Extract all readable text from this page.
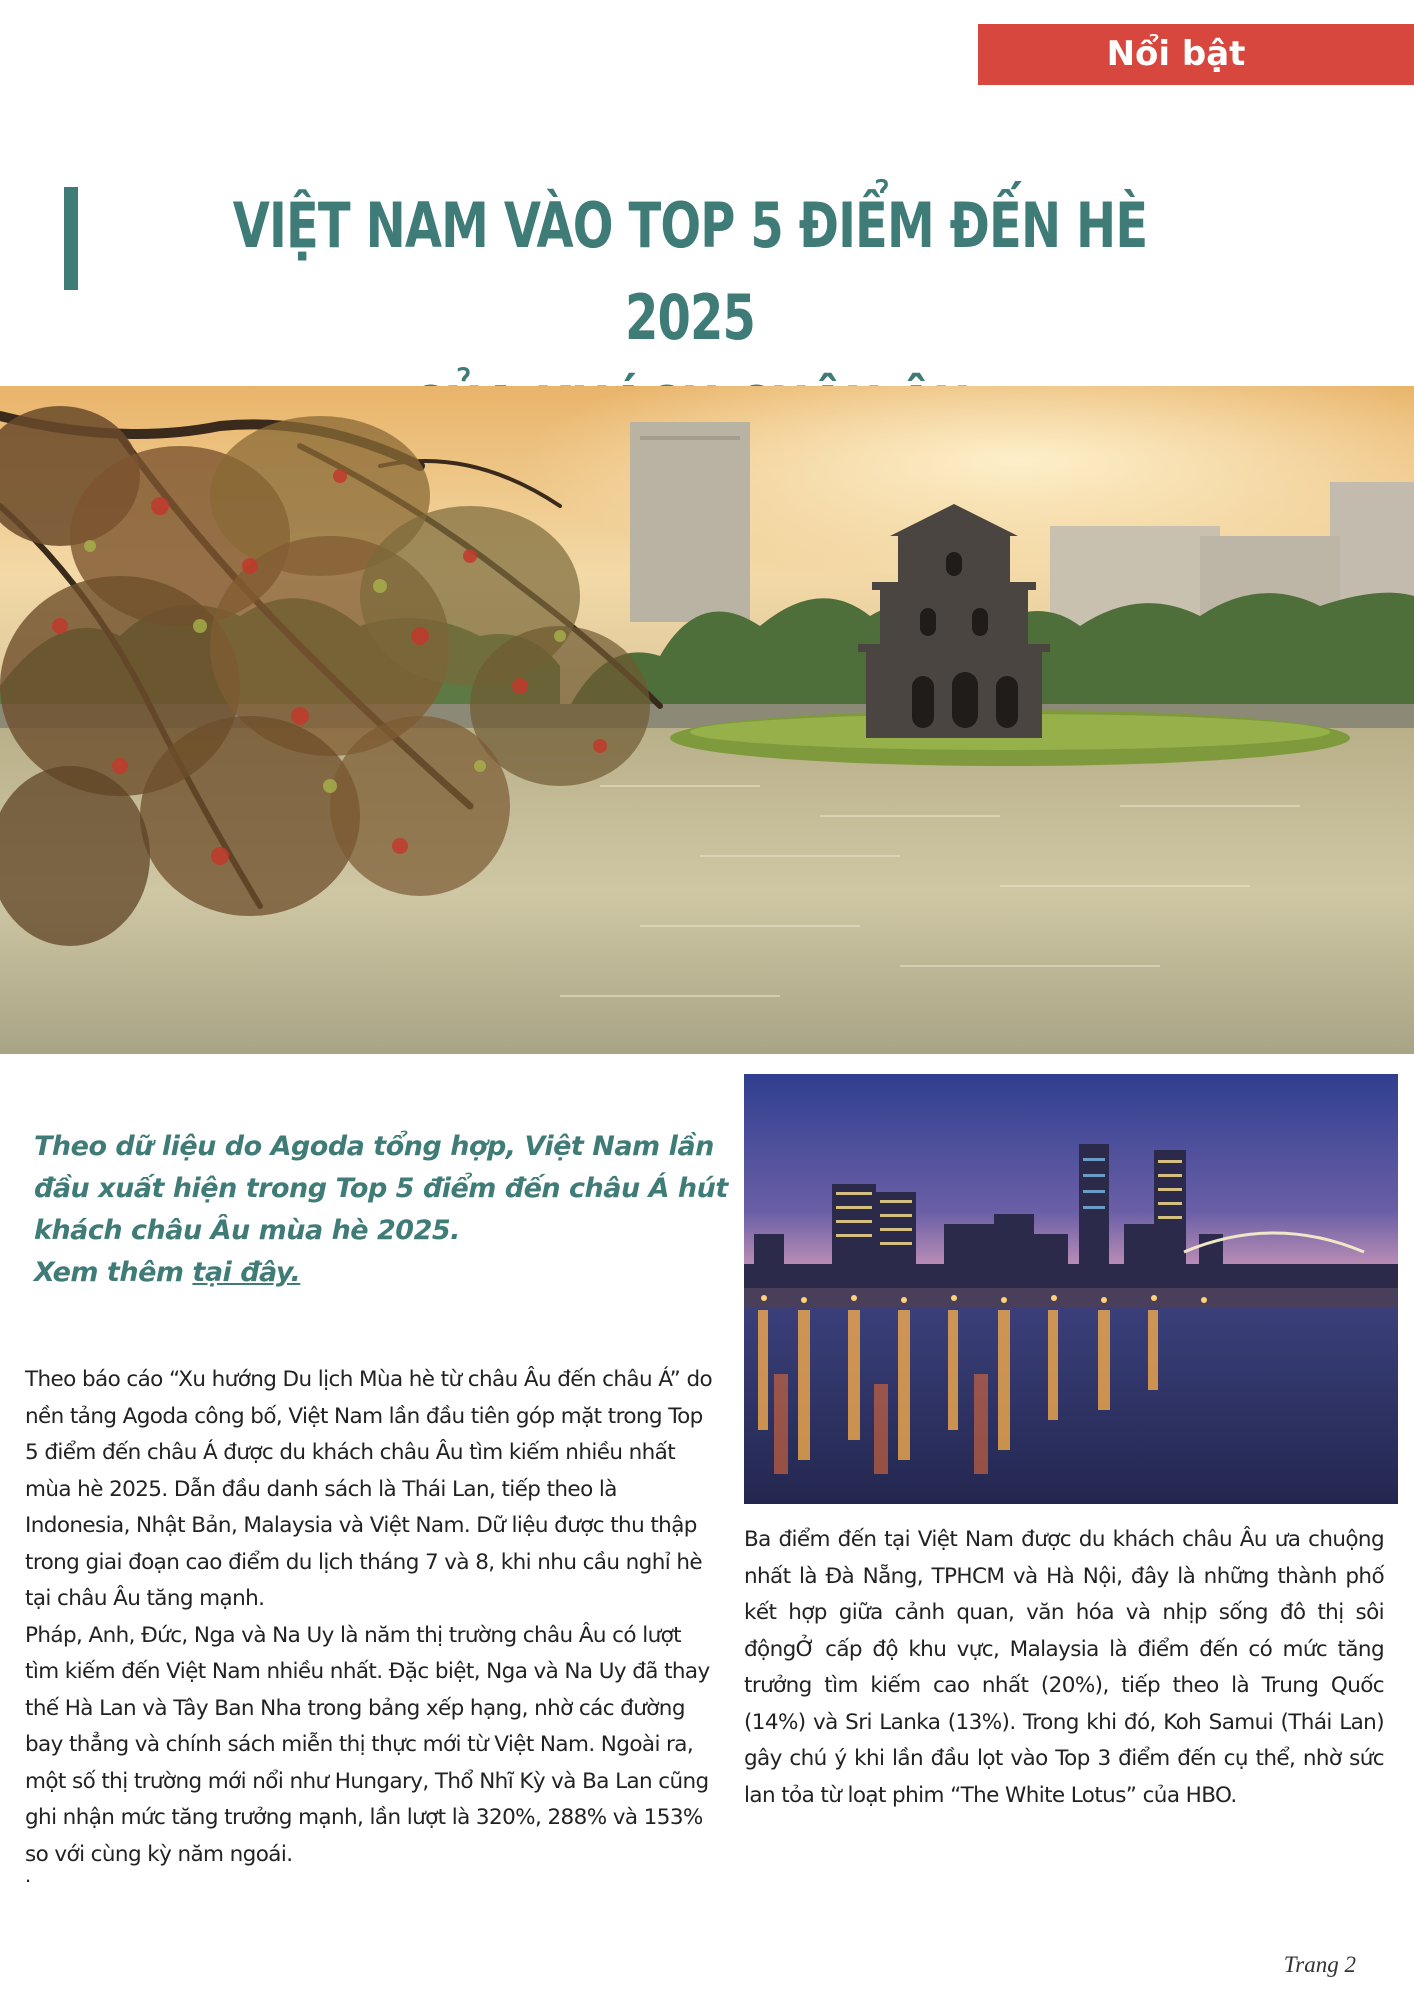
Nổi bật
VIỆT NAM VÀO TOP 5 ĐIỂM ĐẾN HÈ 2025
Theo dữ liệu do Agoda tổng hợp, Việt Nam lần đầu xuất hiện trong Top 5 điểm đến châu Á hút khách châu Âu mùa hè 2025.
Xem thêm tại đây.

Theo báo cáo “Xu hướng Du lịch Mùa hè từ châu Âu đến châu Á” do nền tảng Agoda công bố, Việt Nam lần đầu tiên góp mặt trong Top 5 điểm đến châu Á được du khách châu Âu tìm kiếm nhiều nhất mùa hè 2025. Dẫn đầu danh sách là Thái Lan, tiếp theo là Indonesia, Nhật Bản, Malaysia và Việt Nam. Dữ liệu được thu thập trong giai đoạn cao điểm du lịch tháng 7 và 8, khi nhu cầu nghỉ hè tại châu Âu tăng mạnh.

Pháp, Anh, Đức, Nga và Na Uy là năm thị trường châu Âu có lượt tìm kiếm đến Việt Nam nhiều nhất. Đặc biệt, Nga và Na Uy đã thay thế Hà Lan và Tây Ban Nha trong bảng xếp hạng, nhờ các đường bay thẳng và chính sách miễn thị thực mới từ Việt Nam. Ngoài ra, một số thị trường mới nổi như Hungary, Thổ Nhĩ Kỳ và Ba Lan cũng ghi nhận mức tăng trưởng mạnh, lần lượt là 320%, 288% và 153% so với cùng kỳ năm ngoái.

.

Ba điểm đến tại Việt Nam được du khách châu Âu ưa chuộng nhất là Đà Nẵng, TPHCM và Hà Nội, đây là những thành phố kết hợp giữa cảnh quan, văn hóa và nhịp sống đô thị sôi độngỞ cấp độ khu vực, Malaysia là điểm đến có mức tăng trưởng tìm kiếm cao nhất (20%), tiếp theo là Trung Quốc (14%) và Sri Lanka (13%). Trong khi đó, Koh Samui (Thái Lan) gây chú ý khi lần đầu lọt vào Top 3 điểm đến cụ thể, nhờ sức lan tỏa từ loạt phim “The White Lotus” của HBO.

Trang 2
